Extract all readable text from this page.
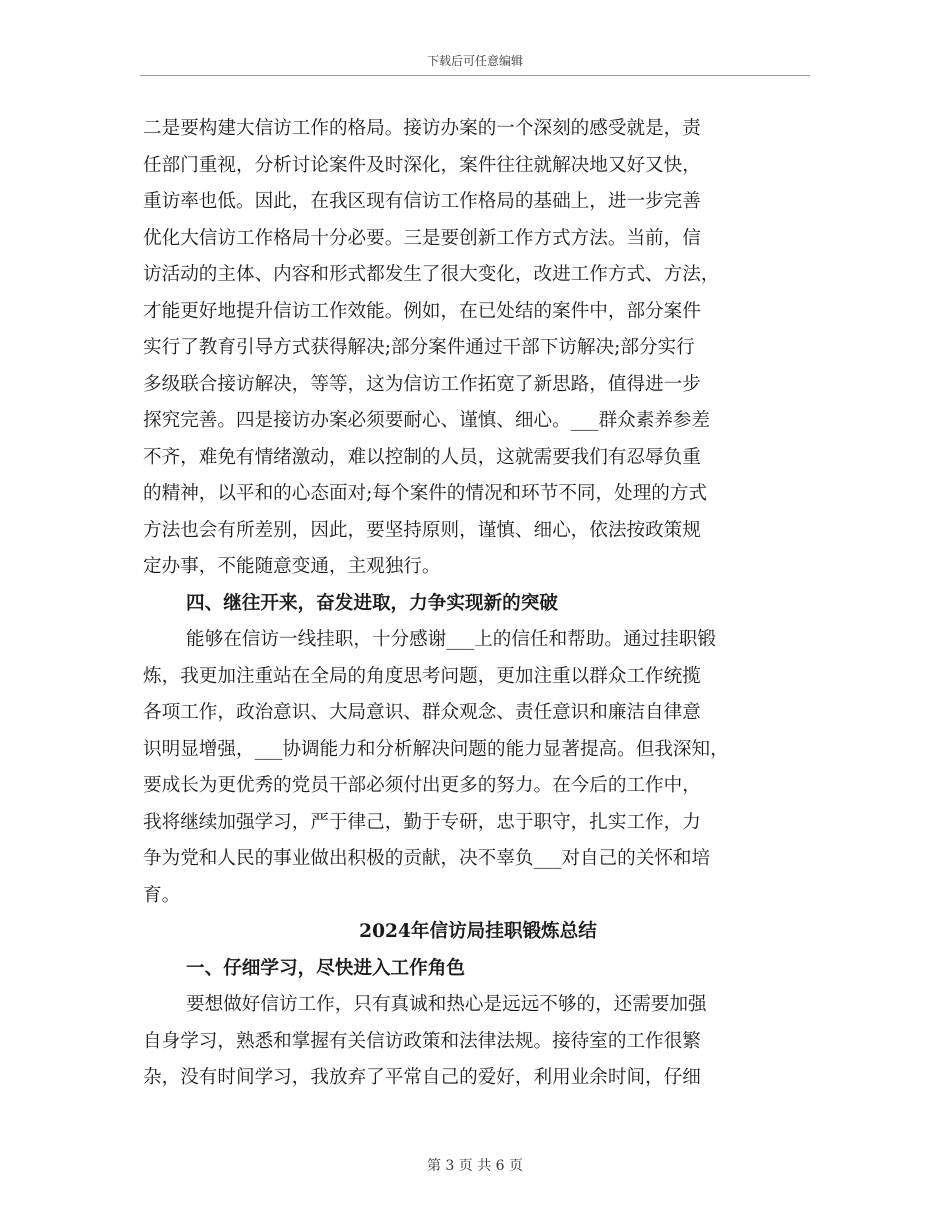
下载后可任意编辑
二是要构建大信访工作的格局。接访办案的一个深刻的感受就是，责
任部门重视，分析讨论案件及时深化，案件往往就解决地又好又快，
重访率也低。因此，在我区现有信访工作格局的基础上，进一步完善
优化大信访工作格局十分必要。三是要创新工作方式方法。当前，信
访活动的主体、内容和形式都发生了很大变化，改进工作方式、方法，
才能更好地提升信访工作效能。例如，在已处结的案件中，部分案件
实行了教育引导方式获得解决;部分案件通过干部下访解决;部分实行
多级联合接访解决，等等，这为信访工作拓宽了新思路，值得进一步
探究完善。四是接访办案必须要耐心、谨慎、细心。___群众素养参差
不齐，难免有情绪激动，难以控制的人员，这就需要我们有忍辱负重
的精神，以平和的心态面对;每个案件的情况和环节不同，处理的方式
方法也会有所差别，因此，要坚持原则，谨慎、细心，依法按政策规
定办事，不能随意变通，主观独行。
四、继往开来，奋发进取，力争实现新的突破
能够在信访一线挂职，十分感谢___上的信任和帮助。通过挂职锻
炼，我更加注重站在全局的角度思考问题，更加注重以群众工作统揽
各项工作，政治意识、大局意识、群众观念、责任意识和廉洁自律意
识明显增强，___协调能力和分析解决问题的能力显著提高。但我深知，
要成长为更优秀的党员干部必须付出更多的努力。在今后的工作中，
我将继续加强学习，严于律己，勤于专研，忠于职守，扎实工作，力
争为党和人民的事业做出积极的贡献，决不辜负___对自己的关怀和培
育。
2024年信访局挂职锻炼总结
一、仔细学习，尽快进入工作角色
要想做好信访工作，只有真诚和热心是远远不够的，还需要加强
自身学习，熟悉和掌握有关信访政策和法律法规。接待室的工作很繁
杂，没有时间学习，我放弃了平常自己的爱好，利用业余时间，仔细
第 3 页 共 6 页
